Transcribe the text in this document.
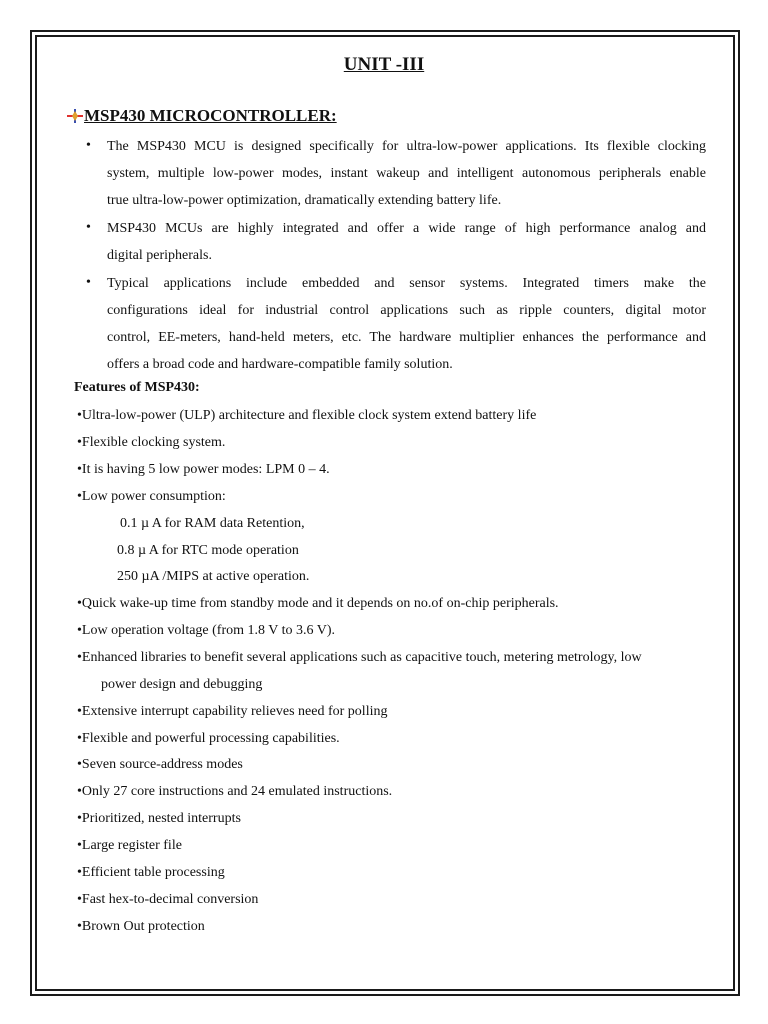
UNIT -III
MSP430 MICROCONTROLLER:
• The MSP430 MCU is designed specifically for ultra-low-power applications. Its flexible clocking
system, multiple low-power modes, instant wakeup and intelligent autonomous peripherals enable
true ultra-low-power optimization, dramatically extending battery life.
• MSP430 MCUs are highly integrated and offer a wide range of high performance analog and
digital peripherals.
• Typical applications include embedded and sensor systems. Integrated timers make the
configurations ideal for industrial control applications such as ripple counters, digital motor
control, EE-meters, hand-held meters, etc. The hardware multiplier enhances the performance and
offers a broad code and hardware-compatible family solution.
Features of MSP430:
•Ultra-low-power (ULP) architecture and flexible clock system extend battery life
•Flexible clocking system.
•It is having 5 low power modes: LPM 0 – 4.
•Low power consumption:
0.1 µ A for RAM data Retention,
0.8 µ A for RTC mode operation
250 µA /MIPS at active operation.
•Quick wake-up time from standby mode and it depends on no.of on-chip peripherals.
•Low operation voltage (from 1.8 V to 3.6 V).
•Enhanced libraries to benefit several applications such as capacitive touch, metering metrology, low
power design and debugging
•Extensive interrupt capability relieves need for polling
•Flexible and powerful processing capabilities.
•Seven source-address modes
•Only 27 core instructions and 24 emulated instructions.
•Prioritized, nested interrupts
•Large register file
•Efficient table processing
•Fast hex-to-decimal conversion
•Brown Out protection
